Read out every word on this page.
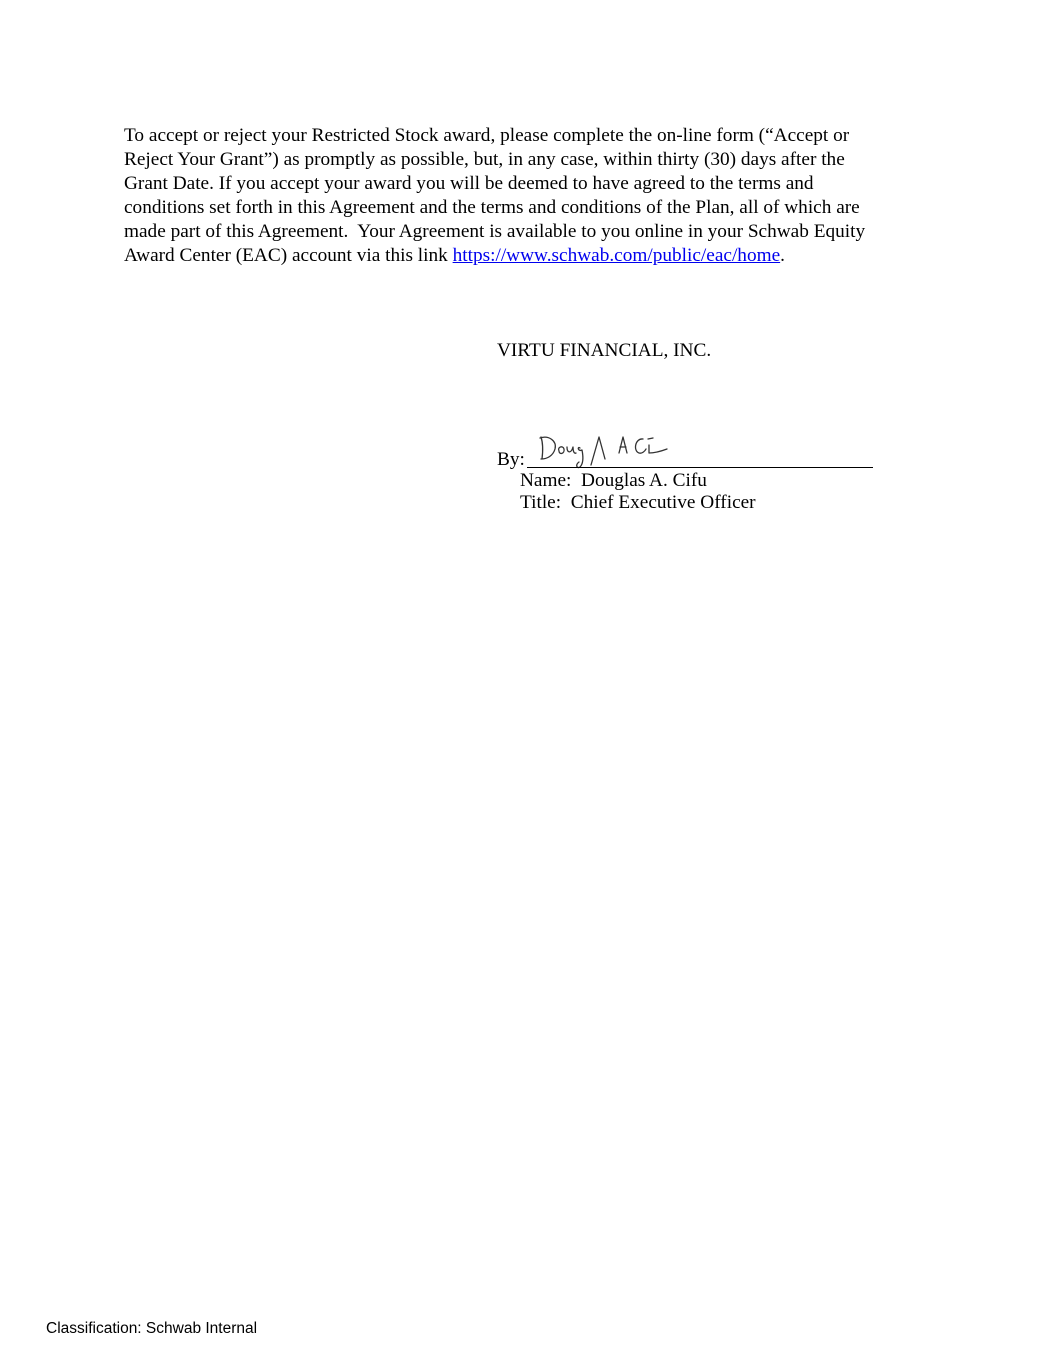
To accept or reject your Restricted Stock award, please complete the on-line form (“Accept or
Reject Your Grant”) as promptly as possible, but, in any case, within thirty (30) days after the
Grant Date. If you accept your award you will be deemed to have agreed to the terms and
conditions set forth in this Agreement and the terms and conditions of the Plan, all of which are
made part of this Agreement.  Your Agreement is available to you online in your Schwab Equity
Award Center (EAC) account via this link https://www.schwab.com/public/eac/home.
VIRTU FINANCIAL, INC.
By:
Name:  Douglas A. Cifu
Title:  Chief Executive Officer
Classification: Schwab Internal
